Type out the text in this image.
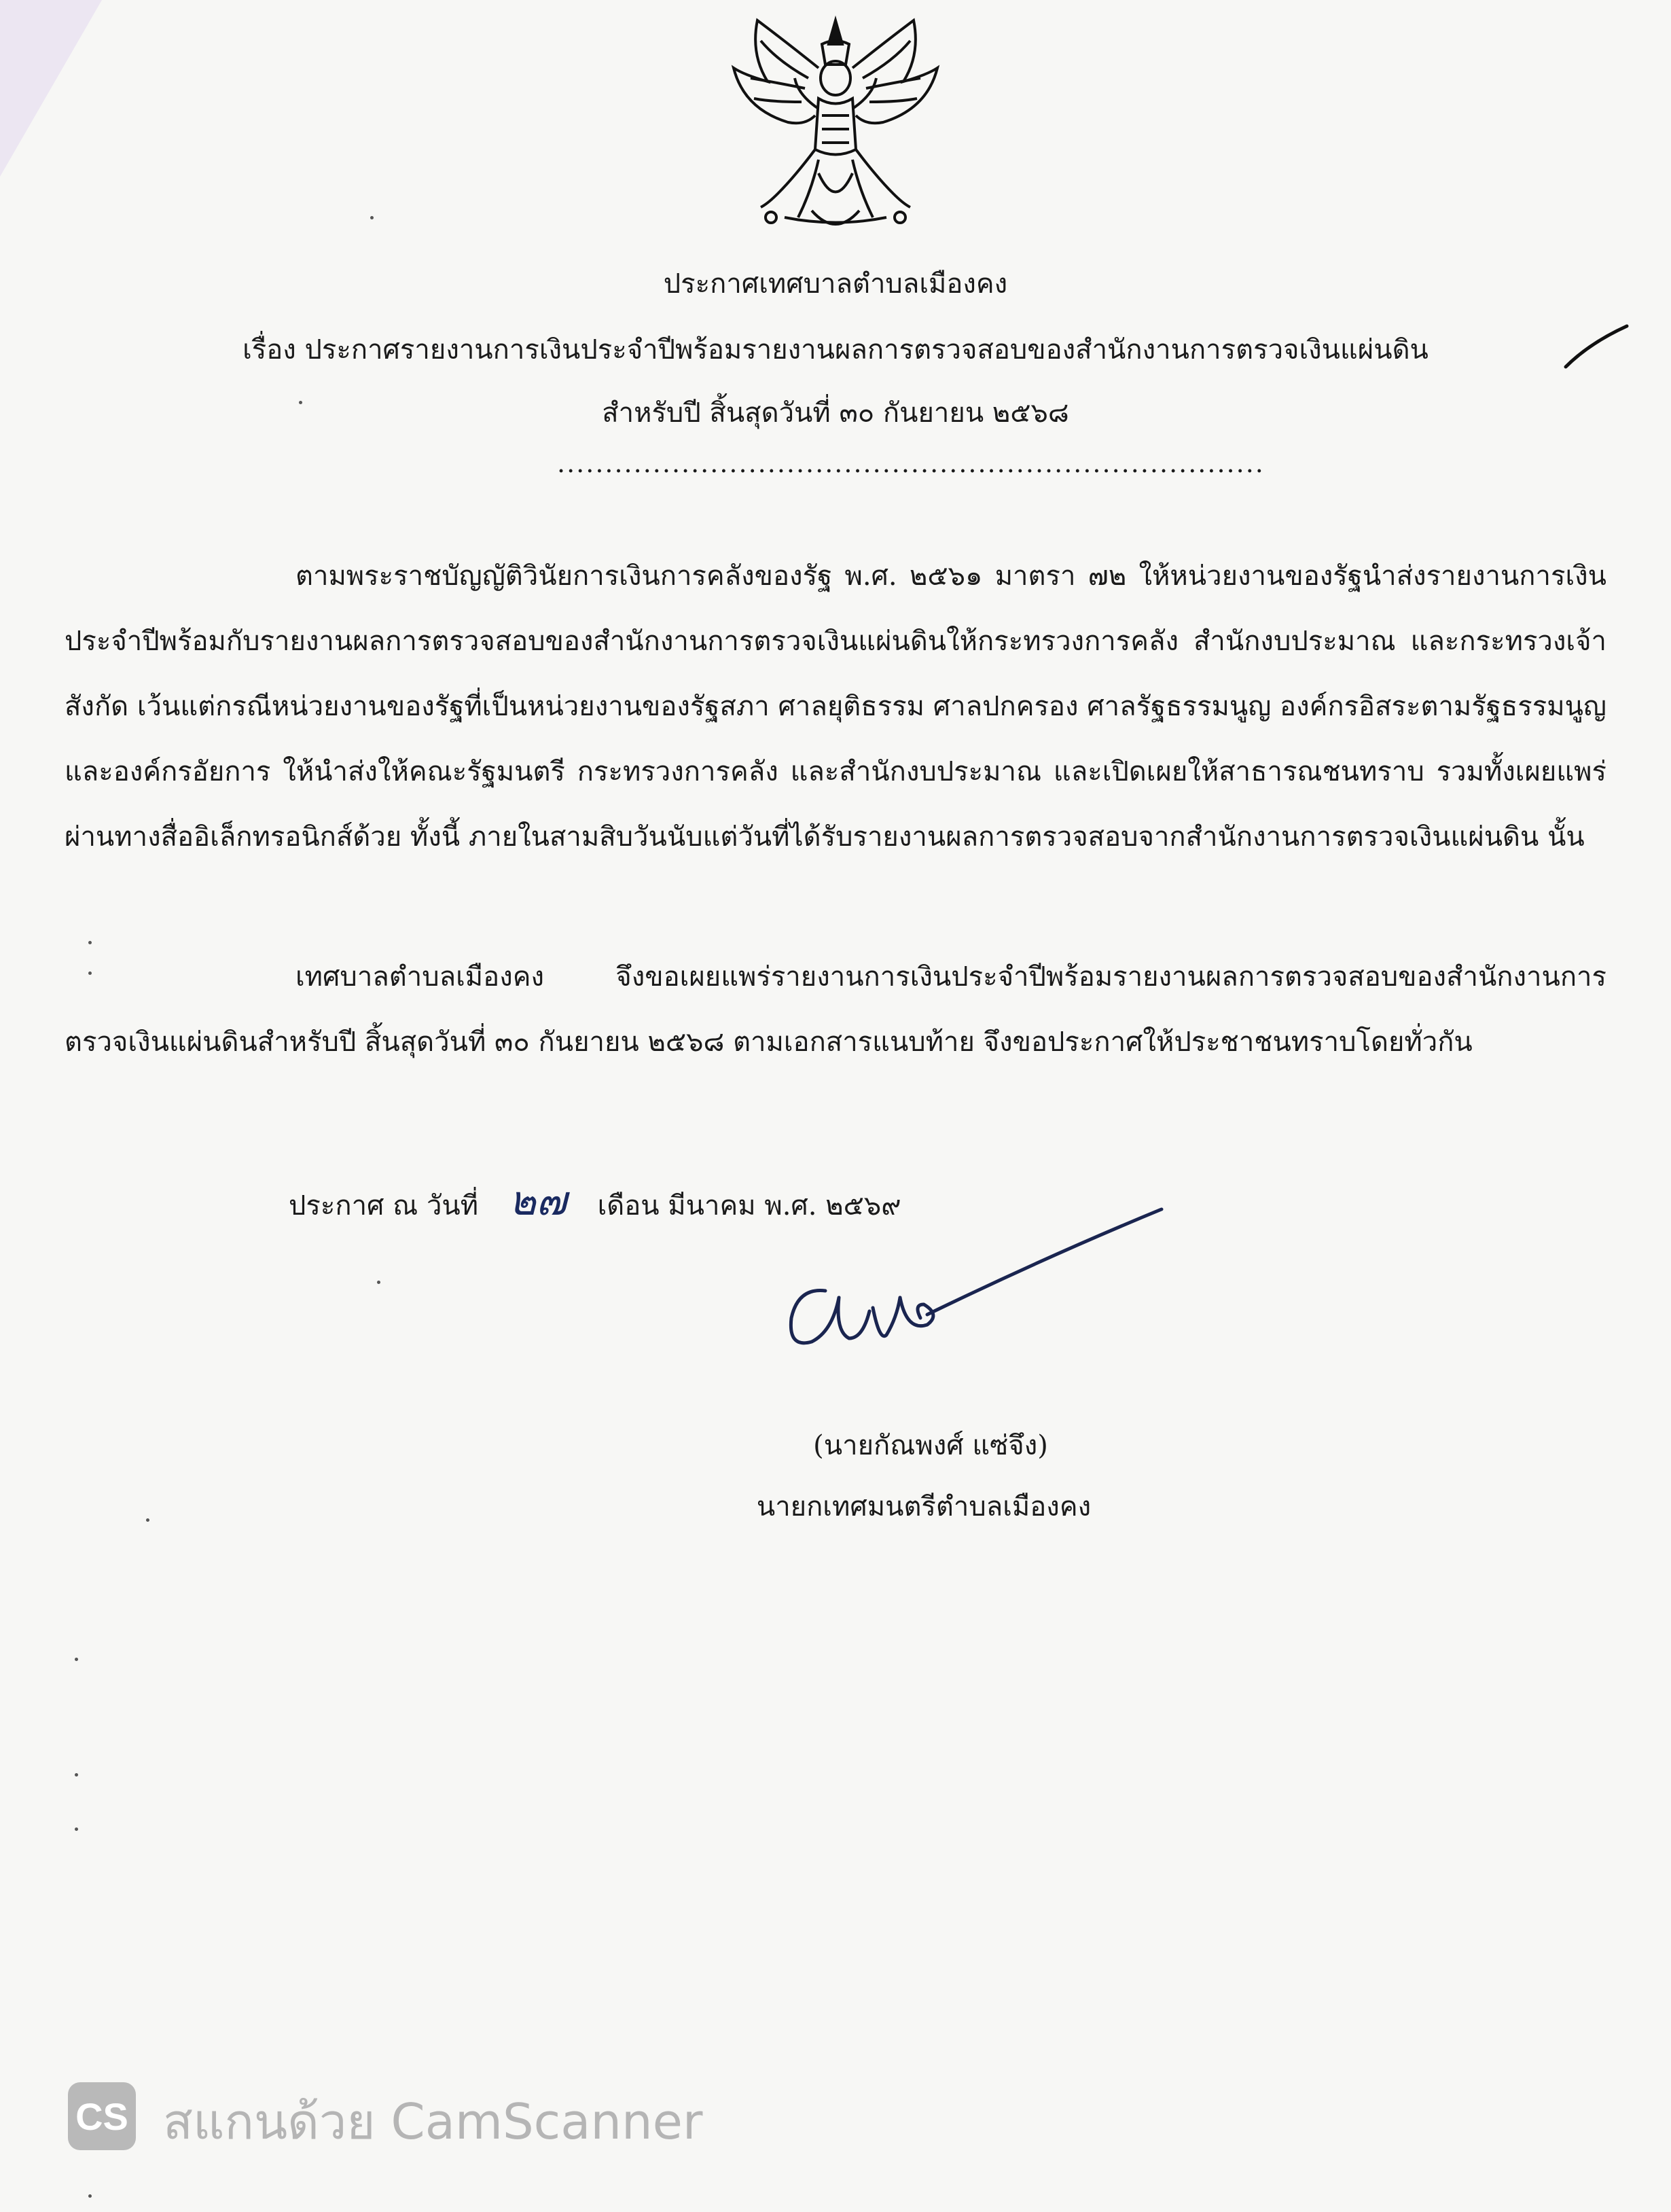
ประกาศเทศบาลตำบลเมืองคง
เรื่อง ประกาศรายงานการเงินประจำปีพร้อมรายงานผลการตรวจสอบของสำนักงานการตรวจเงินแผ่นดิน
สำหรับปี สิ้นสุดวันที่ ๓๐ กันยายน ๒๕๖๘
..........................................................................
ตามพระราชบัญญัติวินัยการเงินการคลังของรัฐ พ.ศ. ๒๕๖๑ มาตรา ๗๒ ให้หน่วยงานของรัฐนำส่งรายงานการเงินประจำปีพร้อมกับรายงานผลการตรวจสอบของสำนักงานการตรวจเงินแผ่นดินให้กระทรวงการคลัง สำนักงบประมาณ และกระทรวงเจ้าสังกัด เว้นแต่กรณีหน่วยงานของรัฐที่เป็นหน่วยงานของรัฐสภา ศาลยุติธรรม ศาลปกครอง ศาลรัฐธรรมนูญ องค์กรอิสระตามรัฐธรรมนูญ และองค์กรอัยการ ให้นำส่งให้คณะรัฐมนตรี กระทรวงการคลัง และสำนักงบประมาณ และเปิดเผยให้สาธารณชนทราบ รวมทั้งเผยแพร่ผ่านทางสื่ออิเล็กทรอนิกส์ด้วย ทั้งนี้ ภายในสามสิบวันนับแต่วันที่ได้รับรายงานผลการตรวจสอบจากสำนักงานการตรวจเงินแผ่นดิน นั้น
เทศบาลตำบลเมืองคง จึงขอเผยแพร่รายงานการเงินประจำปีพร้อมรายงานผลการตรวจสอบของสำนักงานการตรวจเงินแผ่นดินสำหรับปี สิ้นสุดวันที่ ๓๐ กันยายน ๒๕๖๘ ตามเอกสารแนบท้าย จึงขอประกาศให้ประชาชนทราบโดยทั่วกัน
ประกาศ ณ วันที่ ๒๗ เดือน มีนาคม พ.ศ. ๒๕๖๙
(นายกัณพงศ์ แซ่จึง)
นายกเทศมนตรีตำบลเมืองคง
CS สแกนด้วย CamScanner
